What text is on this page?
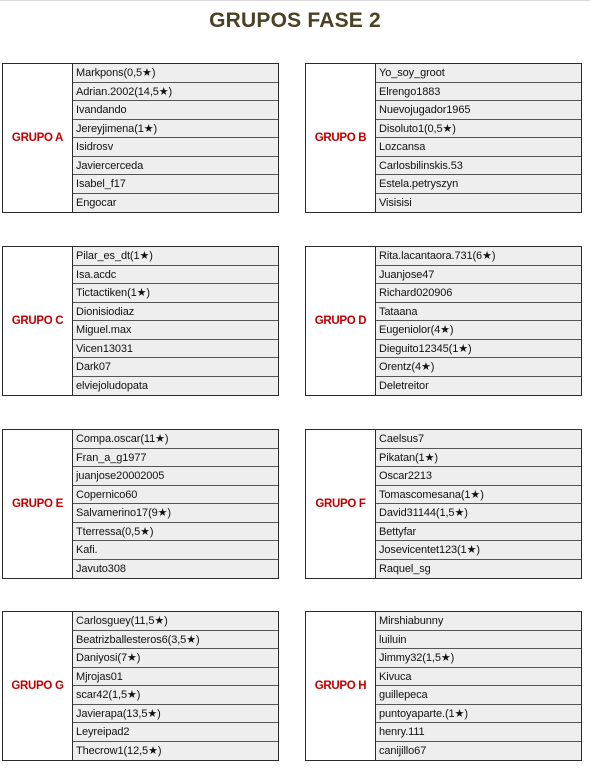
GRUPOS FASE 2
GRUPO A
Markpons(0,5★)
Adrian.2002(14,5★)
Ivandando
Jereyjimena(1★)
Isidrosv
Javiercerceda
Isabel_f17
Engocar
GRUPO B
Yo_soy_groot
Elrengo1883
Nuevojugador1965
Disoluto1(0,5★)
Lozcansa
Carlosbilinskis.53
Estela.petryszyn
Visisisi
GRUPO C
Pilar_es_dt(1★)
Isa.acdc
Tictactiken(1★)
Dionisiodiaz
Miguel.max
Vicen13031
Dark07
elviejoludopata
GRUPO D
Rita.lacantaora.731(6★)
Juanjose47
Richard020906
Tataana
Eugeniolor(4★)
Dieguito12345(1★)
Orentz(4★)
Deletreitor
GRUPO E
Compa.oscar(11★)
Fran_a_g1977
juanjose20002005
Copernico60
Salvamerino17(9★)
Tterressa(0,5★)
Kafi.
Javuto308
GRUPO F
Caelsus7
Pikatan(1★)
Oscar2213
Tomascomesana(1★)
David31144(1,5★)
Bettyfar
Josevicentet123(1★)
Raquel_sg
GRUPO G
Carlosguey(11,5★)
Beatrizballesteros6(3,5★)
Daniyosi(7★)
Mjrojas01
scar42(1,5★)
Javierapa(13,5★)
Leyreipad2
Thecrow1(12,5★)
GRUPO H
Mirshiabunny
luiluin
Jimmy32(1,5★)
Kivuca
guillepeca
puntoyaparte.(1★)
henry.111
canijillo67
